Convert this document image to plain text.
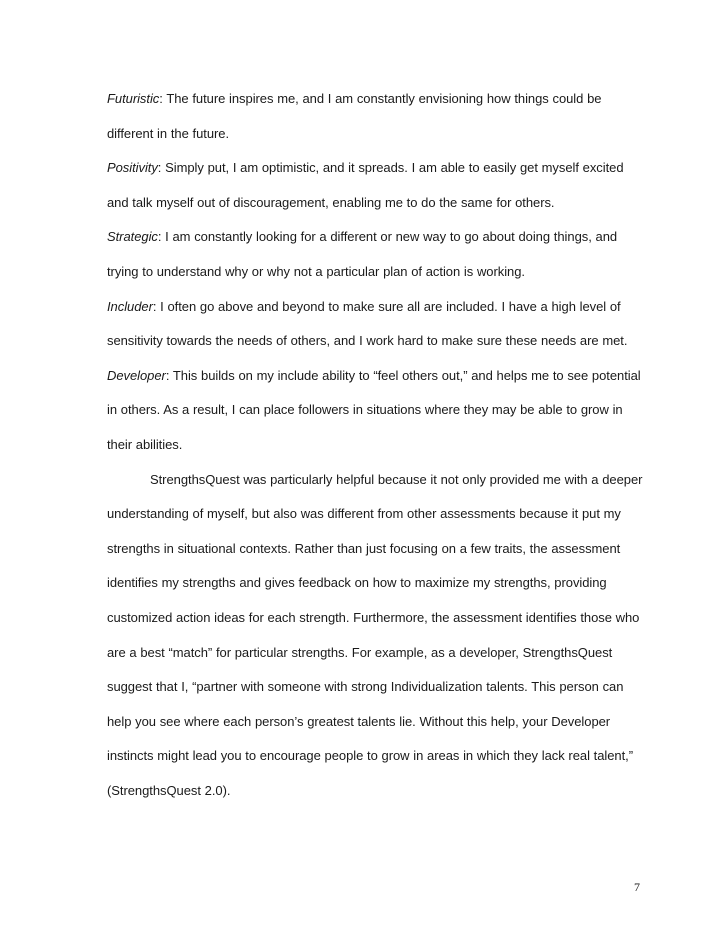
Futuristic: The future inspires me, and I am constantly envisioning how things could be different in the future.

Positivity: Simply put, I am optimistic, and it spreads. I am able to easily get myself excited and talk myself out of discouragement, enabling me to do the same for others.

Strategic: I am constantly looking for a different or new way to go about doing things, and trying to understand why or why not a particular plan of action is working.

Includer: I often go above and beyond to make sure all are included. I have a high level of sensitivity towards the needs of others, and I work hard to make sure these needs are met.

Developer: This builds on my include ability to “feel others out,” and helps me to see potential in others. As a result, I can place followers in situations where they may be able to grow in their abilities.

StrengthsQuest was particularly helpful because it not only provided me with a deeper understanding of myself, but also was different from other assessments because it put my strengths in situational contexts. Rather than just focusing on a few traits, the assessment identifies my strengths and gives feedback on how to maximize my strengths, providing customized action ideas for each strength. Furthermore, the assessment identifies those who are a best “match” for particular strengths. For example, as a developer, StrengthsQuest suggest that I, “partner with someone with strong Individualization talents. This person can help you see where each person’s greatest talents lie. Without this help, your Developer instincts might lead you to encourage people to grow in areas in which they lack real talent,” (StrengthsQuest 2.0).

7
